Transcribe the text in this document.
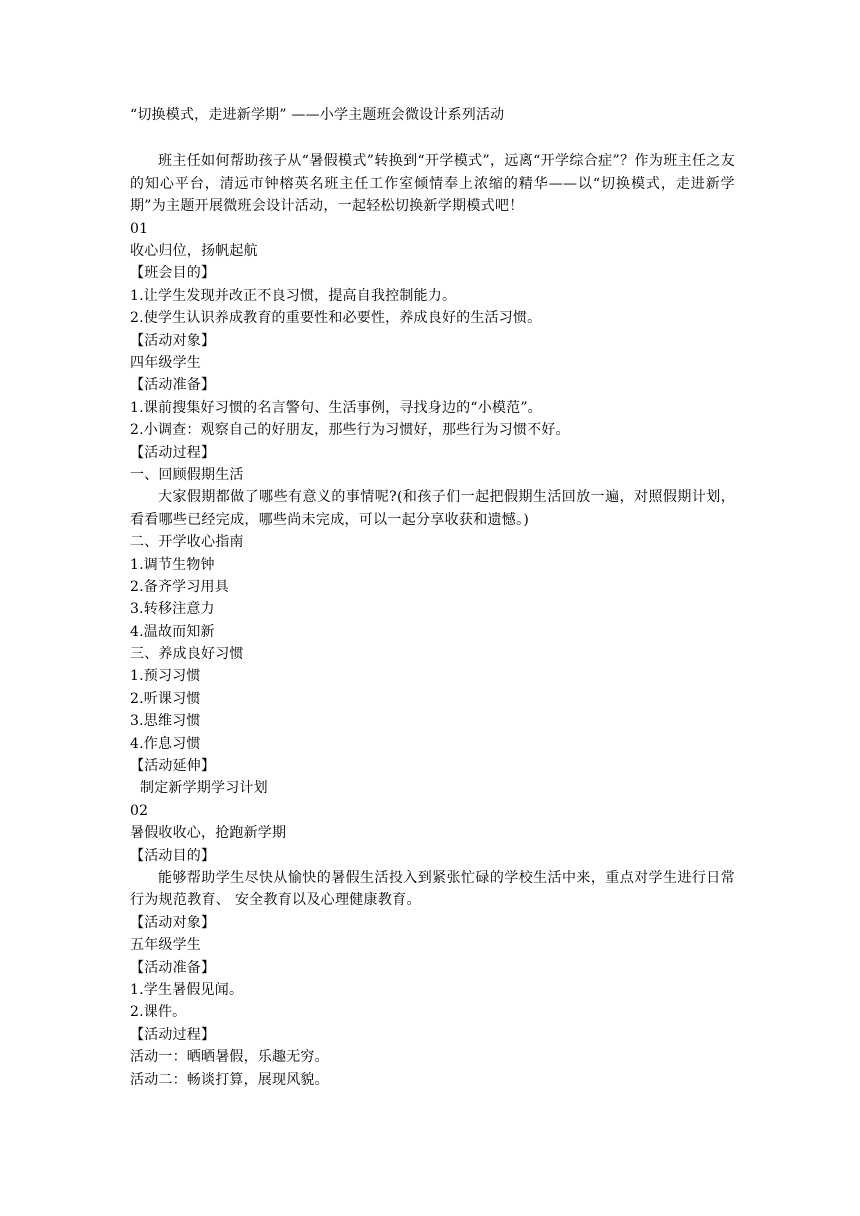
“切换模式，走进新学期” ——小学主题班会微设计系列活动
班主任如何帮助孩子从“暑假模式”转换到“开学模式”，远离“开学综合症”？作为班主任之友的知心平台，清远市钟榕英名班主任工作室倾情奉上浓缩的精华——以“切换模式，走进新学期”为主题开展微班会设计活动，一起轻松切换新学期模式吧！
01
收心归位，扬帆起航
【班会目的】
1.让学生发现并改正不良习惯，提高自我控制能力。
2.使学生认识养成教育的重要性和必要性，养成良好的生活习惯。
【活动对象】
四年级学生
【活动准备】
1.课前搜集好习惯的名言警句、生活事例，寻找身边的“小模范”。
2.小调查：观察自己的好朋友，那些行为习惯好，那些行为习惯不好。
【活动过程】
一、回顾假期生活
大家假期都做了哪些有意义的事情呢?(和孩子们一起把假期生活回放一遍，对照假期计划，看看哪些已经完成，哪些尚未完成，可以一起分享收获和遗憾。)
二、开学收心指南
1.调节生物钟
2.备齐学习用具
3.转移注意力
4.温故而知新
三、养成良好习惯
1.预习习惯
2.听课习惯
3.思维习惯
4.作息习惯
【活动延伸】
制定新学期学习计划
02
暑假收收心，抢跑新学期
【活动目的】
能够帮助学生尽快从愉快的暑假生活投入到紧张忙碌的学校生活中来，重点对学生进行日常行为规范教育、 安全教育以及心理健康教育。
【活动对象】
五年级学生
【活动准备】
1.学生暑假见闻。
2.课件。
【活动过程】
活动一：晒晒暑假，乐趣无穷。
活动二：畅谈打算，展现风貌。
